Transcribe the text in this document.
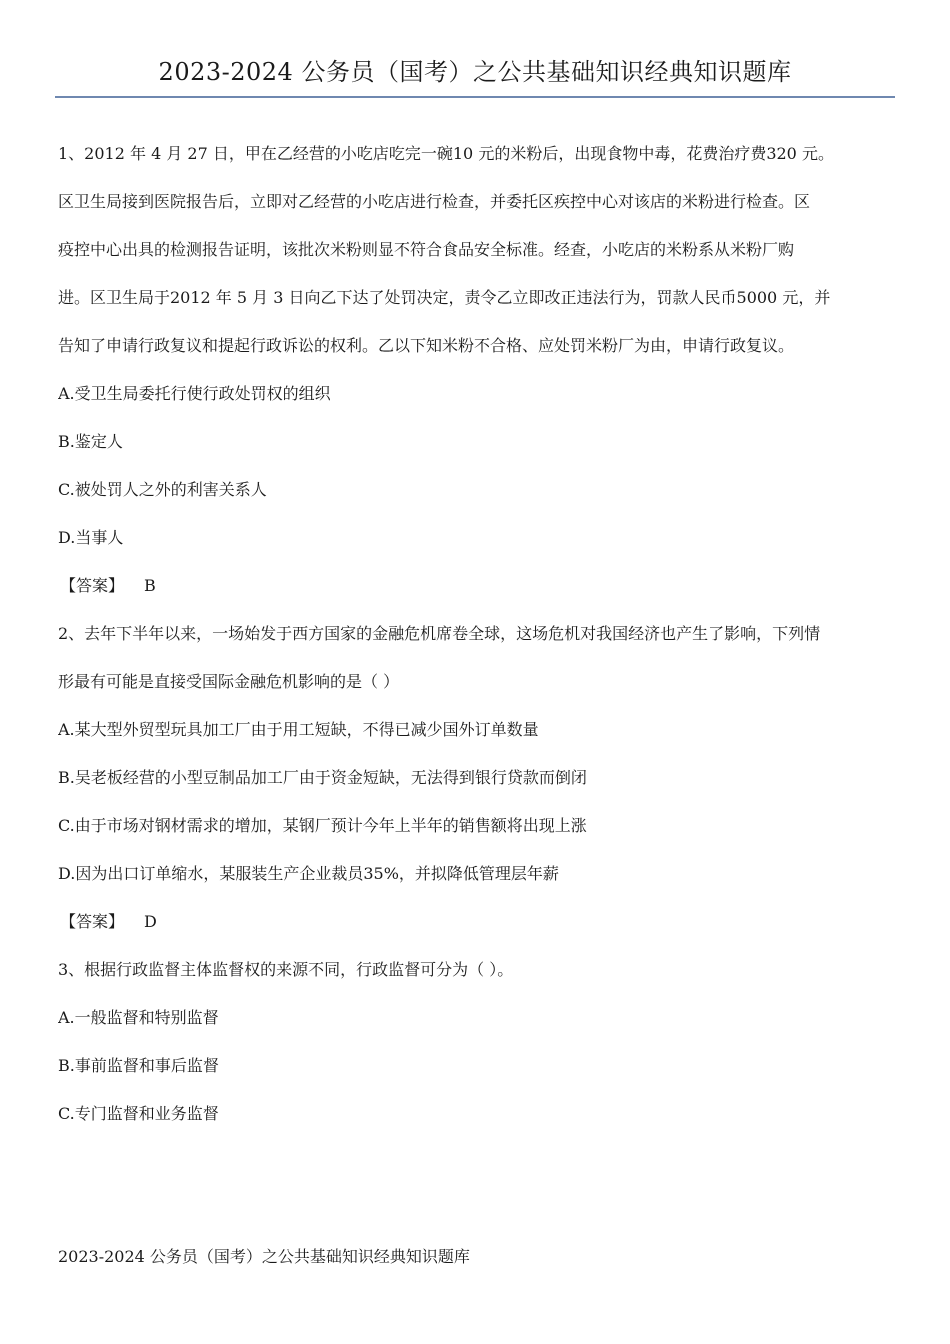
2023-2024 公务员（国考）之公共基础知识经典知识题库
1、2012 年 4 月 27 日，甲在乙经营的小吃店吃完一碗10 元的米粉后，出现食物中毒，花费治疗费320 元。
区卫生局接到医院报告后，立即对乙经营的小吃店进行检查，并委托区疾控中心对该店的米粉进行检查。区
疫控中心出具的检测报告证明，该批次米粉则显不符合食品安全标准。经查，小吃店的米粉系从米粉厂购
进。区卫生局于2012 年 5 月 3 日向乙下达了处罚决定，责令乙立即改正违法行为，罚款人民币5000 元，并
告知了申请行政复议和提起行政诉讼的权利。乙以下知米粉不合格、应处罚米粉厂为由，申请行政复议。
A.受卫生局委托行使行政处罚权的组织
B.鉴定人
C.被处罚人之外的利害关系人
D.当事人
【答案】 B
2、去年下半年以来，一场始发于西方国家的金融危机席卷全球，这场危机对我国经济也产生了影响，下列情
形最有可能是直接受国际金融危机影响的是（ ）
A.某大型外贸型玩具加工厂由于用工短缺，不得已减少国外订单数量
B.吴老板经营的小型豆制品加工厂由于资金短缺，无法得到银行贷款而倒闭
C.由于市场对钢材需求的增加，某钢厂预计今年上半年的销售额将出现上涨
D.因为出口订单缩水，某服装生产企业裁员35%，并拟降低管理层年薪
【答案】 D
3、根据行政监督主体监督权的来源不同，行政监督可分为（ ）。
A.一般监督和特别监督
B.事前监督和事后监督
C.专门监督和业务监督
2023-2024 公务员（国考）之公共基础知识经典知识题库
